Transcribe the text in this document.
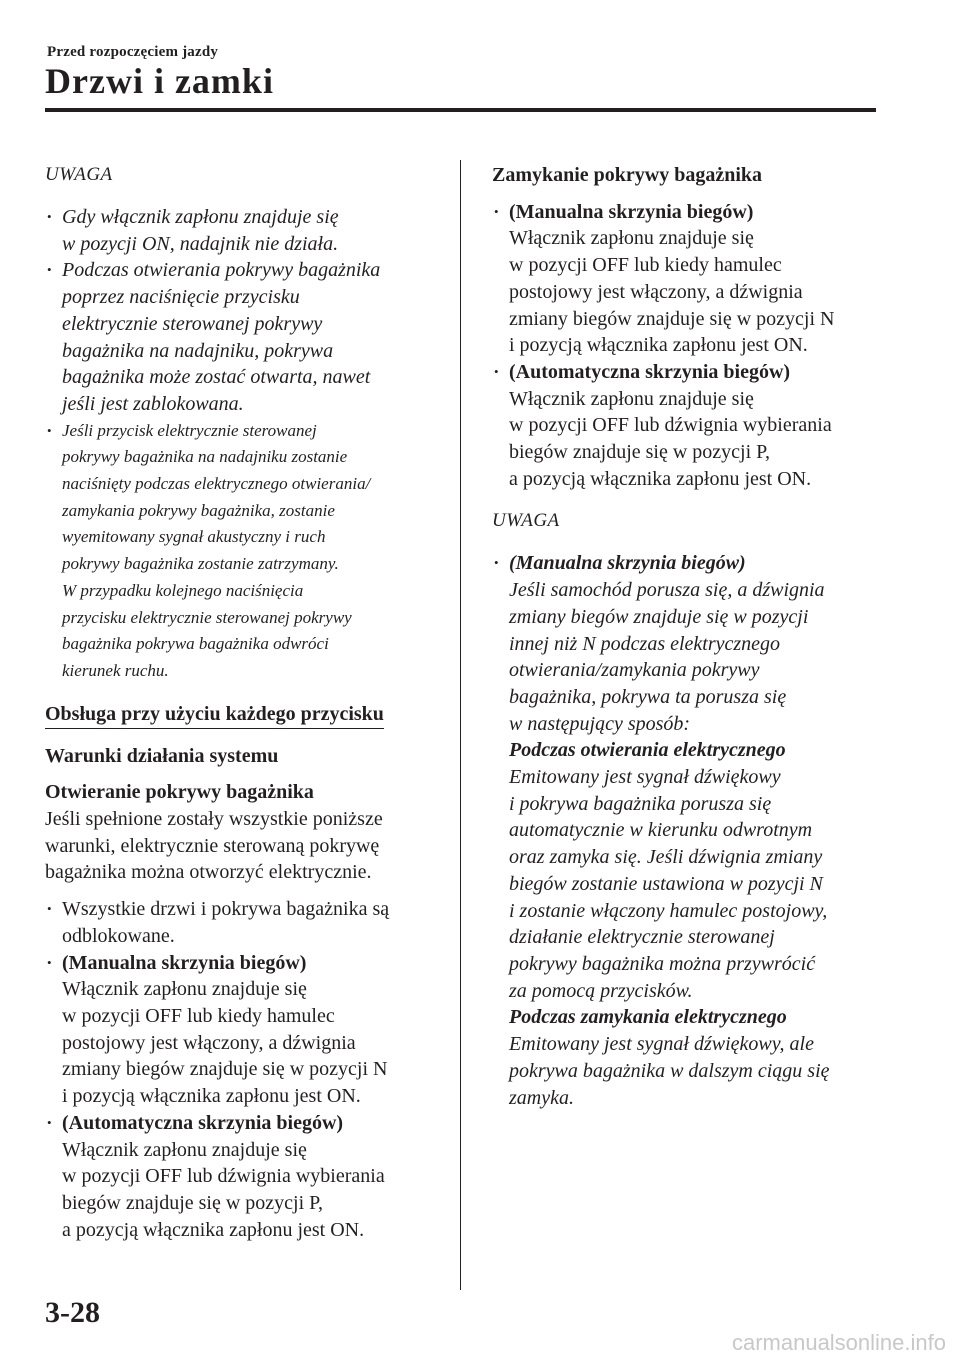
Przed rozpoczęciem jazdy
Drzwi i zamki
UWAGA
• Gdy włącznik zapłonu znajduje się
w pozycji ON, nadajnik nie działa.
• Podczas otwierania pokrywy bagażnika
poprzez naciśnięcie przycisku
elektrycznie sterowanej pokrywy
bagażnika na nadajniku, pokrywa
bagażnika może zostać otwarta, nawet
jeśli jest zablokowana.
• Jeśli przycisk elektrycznie sterowanej
pokrywy bagażnika na nadajniku zostanie
naciśnięty podczas elektrycznego otwierania/
zamykania pokrywy bagażnika, zostanie
wyemitowany sygnał akustyczny i ruch
pokrywy bagażnika zostanie zatrzymany.
W przypadku kolejnego naciśnięcia
przycisku elektrycznie sterowanej pokrywy
bagażnika pokrywa bagażnika odwróci
kierunek ruchu.
Obsługa przy użyciu każdego przycisku
Warunki działania systemu
Otwieranie pokrywy bagażnika
Jeśli spełnione zostały wszystkie poniższe
warunki, elektrycznie sterowaną pokrywę
bagażnika można otworzyć elektrycznie.
• Wszystkie drzwi i pokrywa bagażnika są
odblokowane.
• (Manualna skrzynia biegów)
Włącznik zapłonu znajduje się
w pozycji OFF lub kiedy hamulec
postojowy jest włączony, a dźwignia
zmiany biegów znajduje się w pozycji N
i pozycją włącznika zapłonu jest ON.
• (Automatyczna skrzynia biegów)
Włącznik zapłonu znajduje się
w pozycji OFF lub dźwignia wybierania
biegów znajduje się w pozycji P,
a pozycją włącznika zapłonu jest ON.
Zamykanie pokrywy bagażnika
• (Manualna skrzynia biegów)
Włącznik zapłonu znajduje się
w pozycji OFF lub kiedy hamulec
postojowy jest włączony, a dźwignia
zmiany biegów znajduje się w pozycji N
i pozycją włącznika zapłonu jest ON.
• (Automatyczna skrzynia biegów)
Włącznik zapłonu znajduje się
w pozycji OFF lub dźwignia wybierania
biegów znajduje się w pozycji P,
a pozycją włącznika zapłonu jest ON.
UWAGA
• (Manualna skrzynia biegów)
Jeśli samochód porusza się, a dźwignia
zmiany biegów znajduje się w pozycji
innej niż N podczas elektrycznego
otwierania/zamykania pokrywy
bagażnika, pokrywa ta porusza się
w następujący sposób:
Podczas otwierania elektrycznego
Emitowany jest sygnał dźwiękowy
i pokrywa bagażnika porusza się
automatycznie w kierunku odwrotnym
oraz zamyka się. Jeśli dźwignia zmiany
biegów zostanie ustawiona w pozycji N
i zostanie włączony hamulec postojowy,
działanie elektrycznie sterowanej
pokrywy bagażnika można przywrócić
za pomocą przycisków.
Podczas zamykania elektrycznego
Emitowany jest sygnał dźwiękowy, ale
pokrywa bagażnika w dalszym ciągu się
zamyka.
3-28
carmanualsonline.info
